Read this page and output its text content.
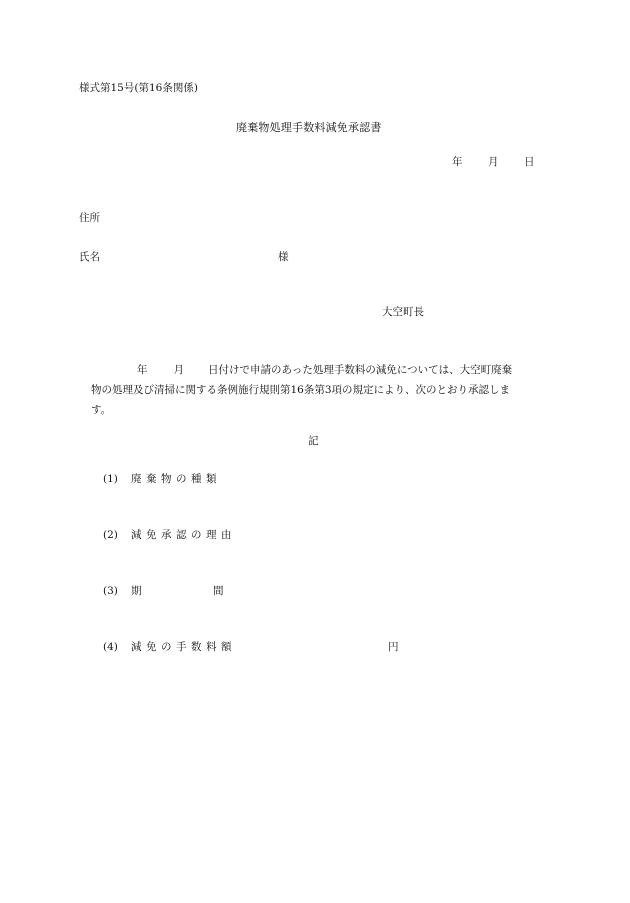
様式第15号(第16条関係)
廃棄物処理手数料減免承認書
年 月 日
住所
氏名	様
大空町長
年 月 日付けで申請のあった処理手数料の減免については、大空町廃棄
物の処理及び清掃に関する条例施行規則第16条第3項の規定により、次のとおり承認しま
す。
記
(1) 廃棄物の種類
(2) 減免承認の理由
(3) 期	間
(4) 減免の手数料額	円
